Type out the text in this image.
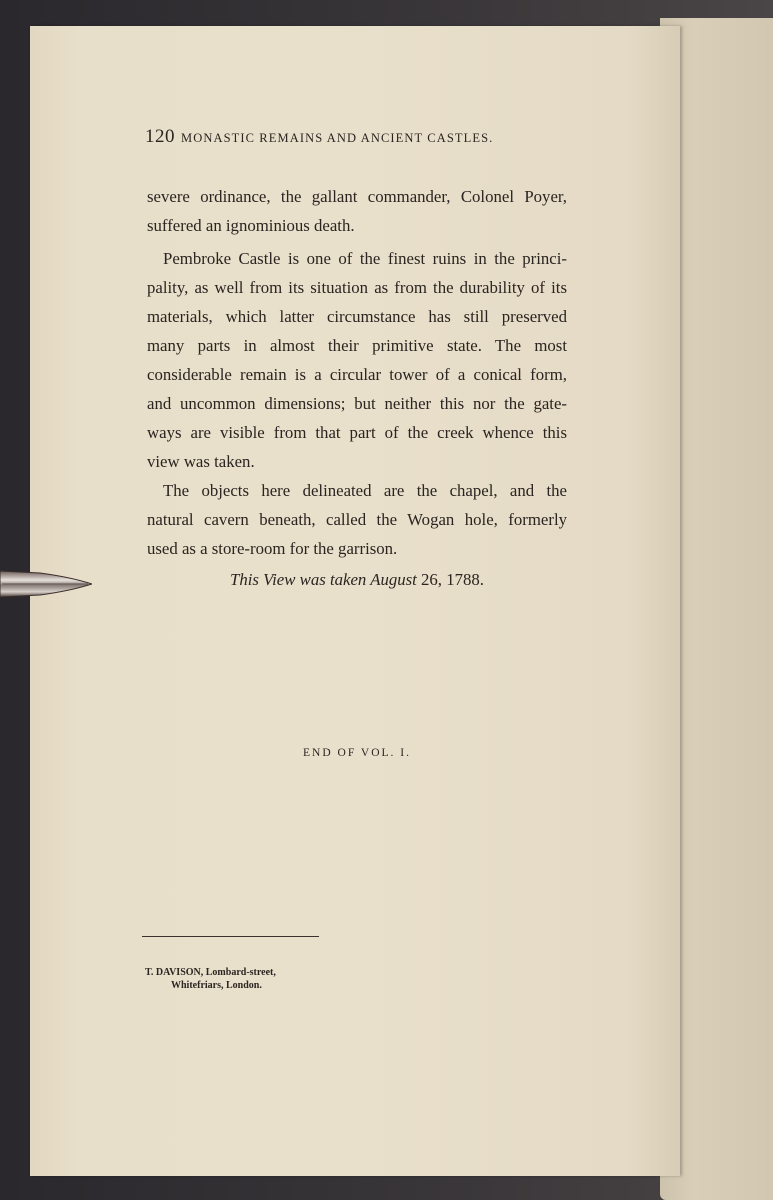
120 MONASTIC REMAINS AND ANCIENT CASTLES.
severe ordinance, the gallant commander, Colonel Poyer,
suffered an ignominious death.
Pembroke Castle is one of the finest ruins in the princi-
pality, as well from its situation as from the durability of its
materials, which latter circumstance has still preserved
many parts in almost their primitive state. The most
considerable remain is a circular tower of a conical form,
and uncommon dimensions; but neither this nor the gate-
ways are visible from that part of the creek whence this
view was taken.
The objects here delineated are the chapel, and the
natural cavern beneath, called the Wogan hole, formerly
used as a store-room for the garrison.
This View was taken August 26, 1788.
END OF VOL. I.
T. DAVISON, Lombard-street,
Whitefriars, London.
